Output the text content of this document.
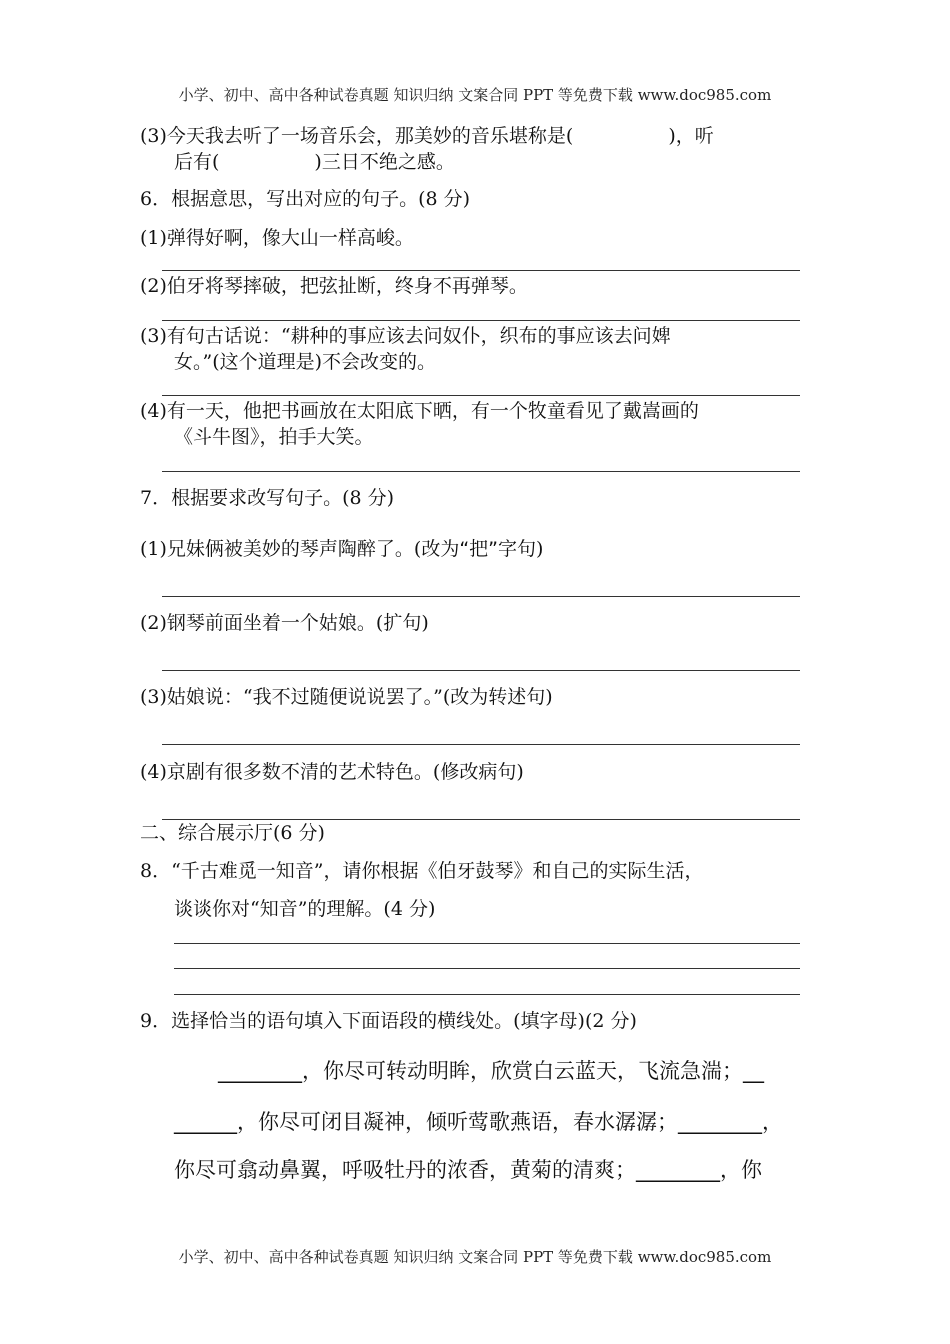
小学、初中、高中各种试卷真题 知识归纳 文案合同 PPT 等免费下载 www.doc985.com
(3)今天我去听了一场音乐会，那美妙的音乐堪称是(　　　　　)，听
后有(　　　　　)三日不绝之感。
6．根据意思，写出对应的句子。(8 分)
(1)弹得好啊，像大山一样高峻。
(2)伯牙将琴摔破，把弦扯断，终身不再弹琴。
(3)有句古话说：“耕种的事应该去问奴仆，织布的事应该去问婢
女。”(这个道理是)不会改变的。
(4)有一天，他把书画放在太阳底下晒，有一个牧童看见了戴嵩画的
《斗牛图》，拍手大笑。
7．根据要求改写句子。(8 分)
(1)兄妹俩被美妙的琴声陶醉了。(改为“把”字句)
(2)钢琴前面坐着一个姑娘。(扩句)
(3)姑娘说：“我不过随便说说罢了。”(改为转述句)
(4)京剧有很多数不清的艺术特色。(修改病句)
二、综合展示厅(6 分)
8．“千古难觅一知音”，请你根据《伯牙鼓琴》和自己的实际生活，
谈谈你对“知音”的理解。(4 分)
9．选择恰当的语句填入下面语段的横线处。(填字母)(2 分)
________，你尽可转动明眸，欣赏白云蓝天，飞流急湍；__
______，你尽可闭目凝神，倾听莺歌燕语，春水潺潺；________，
你尽可翕动鼻翼，呼吸牡丹的浓香，黄菊的清爽；________，你
小学、初中、高中各种试卷真题 知识归纳 文案合同 PPT 等免费下载 www.doc985.com
